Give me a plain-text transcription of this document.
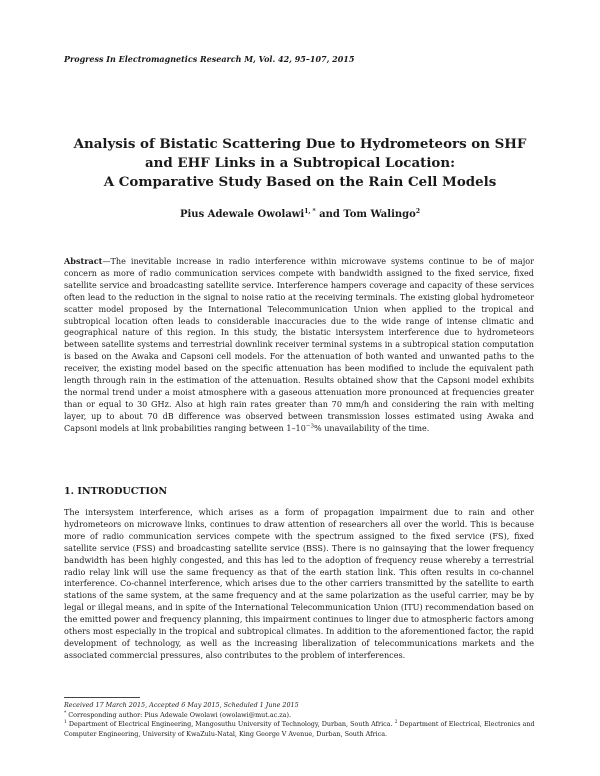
Progress In Electromagnetics Research M, Vol. 42, 95–107, 2015
Analysis of Bistatic Scattering Due to Hydrometeors on SHF
and EHF Links in a Subtropical Location:
A Comparative Study Based on the Rain Cell Models
Pius Adewale Owolawi$^{1, *}$ and Tom Walingo$^2$
Abstract—The inevitable increase in radio interference within microwave systems continue to be of major concern as more of radio communication services compete with bandwidth assigned to the fixed service, fixed satellite service and broadcasting satellite service. Interference hampers coverage and capacity of these services often lead to the reduction in the signal to noise ratio at the receiving terminals. The existing global hydrometeor scatter model proposed by the International Telecommunication Union when applied to the tropical and subtropical location often leads to considerable inaccuracies due to the wide range of intense climatic and geographical nature of this region. In this study, the bistatic intersystem interference due to hydrometeors between satellite systems and terrestrial downlink receiver terminal systems in a subtropical station computation is based on the Awaka and Capsoni cell models. For the attenuation of both wanted and unwanted paths to the receiver, the existing model based on the specific attenuation has been modified to include the equivalent path length through rain in the estimation of the attenuation. Results obtained show that the Capsoni model exhibits the normal trend under a moist atmosphere with a gaseous attenuation more pronounced at frequencies greater than or equal to 30 GHz. Also at high rain rates greater than 70 mm/h and considering the rain with melting layer, up to about 70 dB difference was observed between transmission losses estimated using Awaka and Capsoni models at link probabilities ranging between $1-10^{-3}\%$ unavailability of the time.
1. INTRODUCTION
The intersystem interference, which arises as a form of propagation impairment due to rain and other hydrometeors on microwave links, continues to draw attention of researchers all over the world. This is because more of radio communication services compete with the spectrum assigned to the fixed service (FS), fixed satellite service (FSS) and broadcasting satellite service (BSS). There is no gainsaying that the lower frequency bandwidth has been highly congested, and this has led to the adoption of frequency reuse whereby a terrestrial radio relay link will use the same frequency as that of the earth station link. This often results in co-channel interference. Co-channel interference, which arises due to the other carriers transmitted by the satellite to earth stations of the same system, at the same frequency and at the same polarization as the useful carrier, may be by legal or illegal means, and in spite of the International Telecommunication Union (ITU) recommendation based on the emitted power and frequency planning, this impairment continues to linger due to atmospheric factors among others most especially in the tropical and subtropical climates. In addition to the aforementioned factor, the rapid development of technology, as well as the increasing liberalization of telecommunications markets and the associated commercial pressures, also contributes to the problem of interferences.

Received 17 March 2015, Accepted 6 May 2015, Scheduled 1 June 2015

* Corresponding author: Pius Adewale Owolawi (owolawi@mut.ac.za).

$^1$ Department of Electrical Engineering, Mangosuthu University of Technology, Durban, South Africa. $^2$ Department of Electrical, Electronics and Computer Engineering, University of KwaZulu-Natal, King George V Avenue, Durban, South Africa.
